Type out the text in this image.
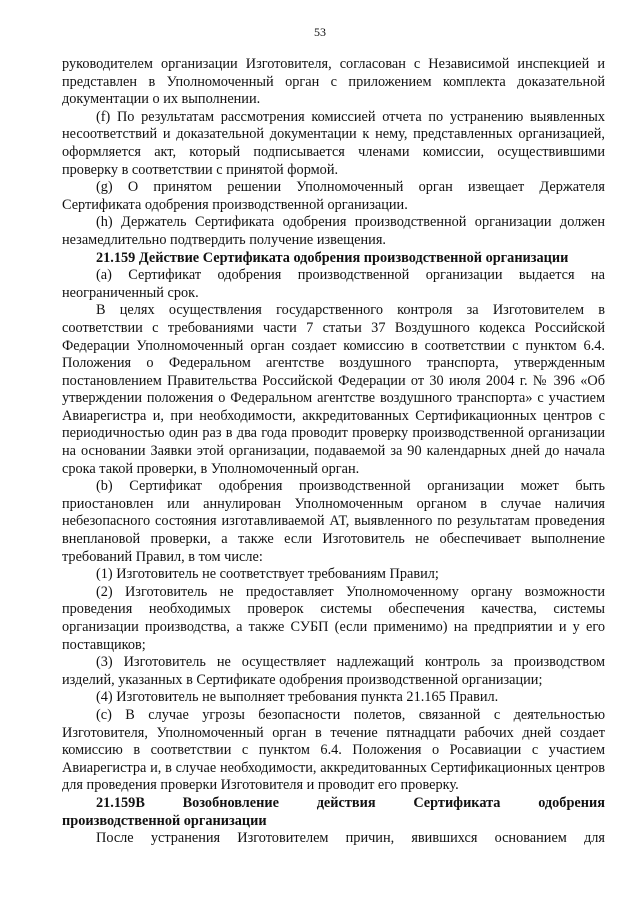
53

руководителем организации Изготовителя, согласован с Независимой инспекцией и представлен в Уполномоченный орган с приложением комплекта доказательной документации о их выполнении.

(f) По результатам рассмотрения комиссией отчета по устранению выявленных несоответствий и доказательной документации к нему, представленных организацией, оформляется акт, который подписывается членами комиссии, осуществившими проверку в соответствии с принятой формой.

(g) О принятом решении Уполномоченный орган извещает Держателя Сертификата одобрения производственной организации.

(h) Держатель Сертификата одобрения производственной организации должен незамедлительно подтвердить получение извещения.

21.159 Действие Сертификата одобрения производственной организации

(a) Сертификат одобрения производственной организации выдается на неограниченный срок.

В целях осуществления государственного контроля за Изготовителем в соответствии с требованиями части 7 статьи 37 Воздушного кодекса Российской Федерации Уполномоченный орган создает комиссию в соответствии с пунктом 6.4. Положения о Федеральном агентстве воздушного транспорта, утвержденным постановлением Правительства Российской Федерации от 30 июля 2004 г. № 396 «Об утверждении положения о Федеральном агентстве воздушного транспорта» с участием Авиарегистра и, при необходимости, аккредитованных Сертификационных центров с периодичностью один раз в два года проводит проверку производственной организации на основании Заявки этой организации, подаваемой за 90 календарных дней до начала срока такой проверки, в Уполномоченный орган.

(b) Сертификат одобрения производственной организации может быть приостановлен или аннулирован Уполномоченным органом в случае наличия небезопасного состояния изготавливаемой АТ, выявленного по результатам проведения внеплановой проверки, а также если Изготовитель не обеспечивает выполнение требований Правил, в том числе:

(1) Изготовитель не соответствует требованиям Правил;

(2) Изготовитель не предоставляет Уполномоченному органу возможности проведения необходимых проверок системы обеспечения качества, системы организации производства, а также СУБП (если применимо) на предприятии и у его поставщиков;

(3) Изготовитель не осуществляет надлежащий контроль за производством изделий, указанных в Сертификате одобрения производственной организации;

(4) Изготовитель не выполняет требования пункта 21.165 Правил.

(c) В случае угрозы безопасности полетов, связанной с деятельностью Изготовителя, Уполномоченный орган в течение пятнадцати рабочих дней создает комиссию в соответствии с пунктом 6.4. Положения о Росавиации с участием Авиарегистра и, в случае необходимости, аккредитованных Сертификационных центров для проведения проверки Изготовителя и проводит его проверку.

21.159B	Возобновление	действия	Сертификата	одобрения

производственной организации

После устранения Изготовителем причин, явившихся основанием для
